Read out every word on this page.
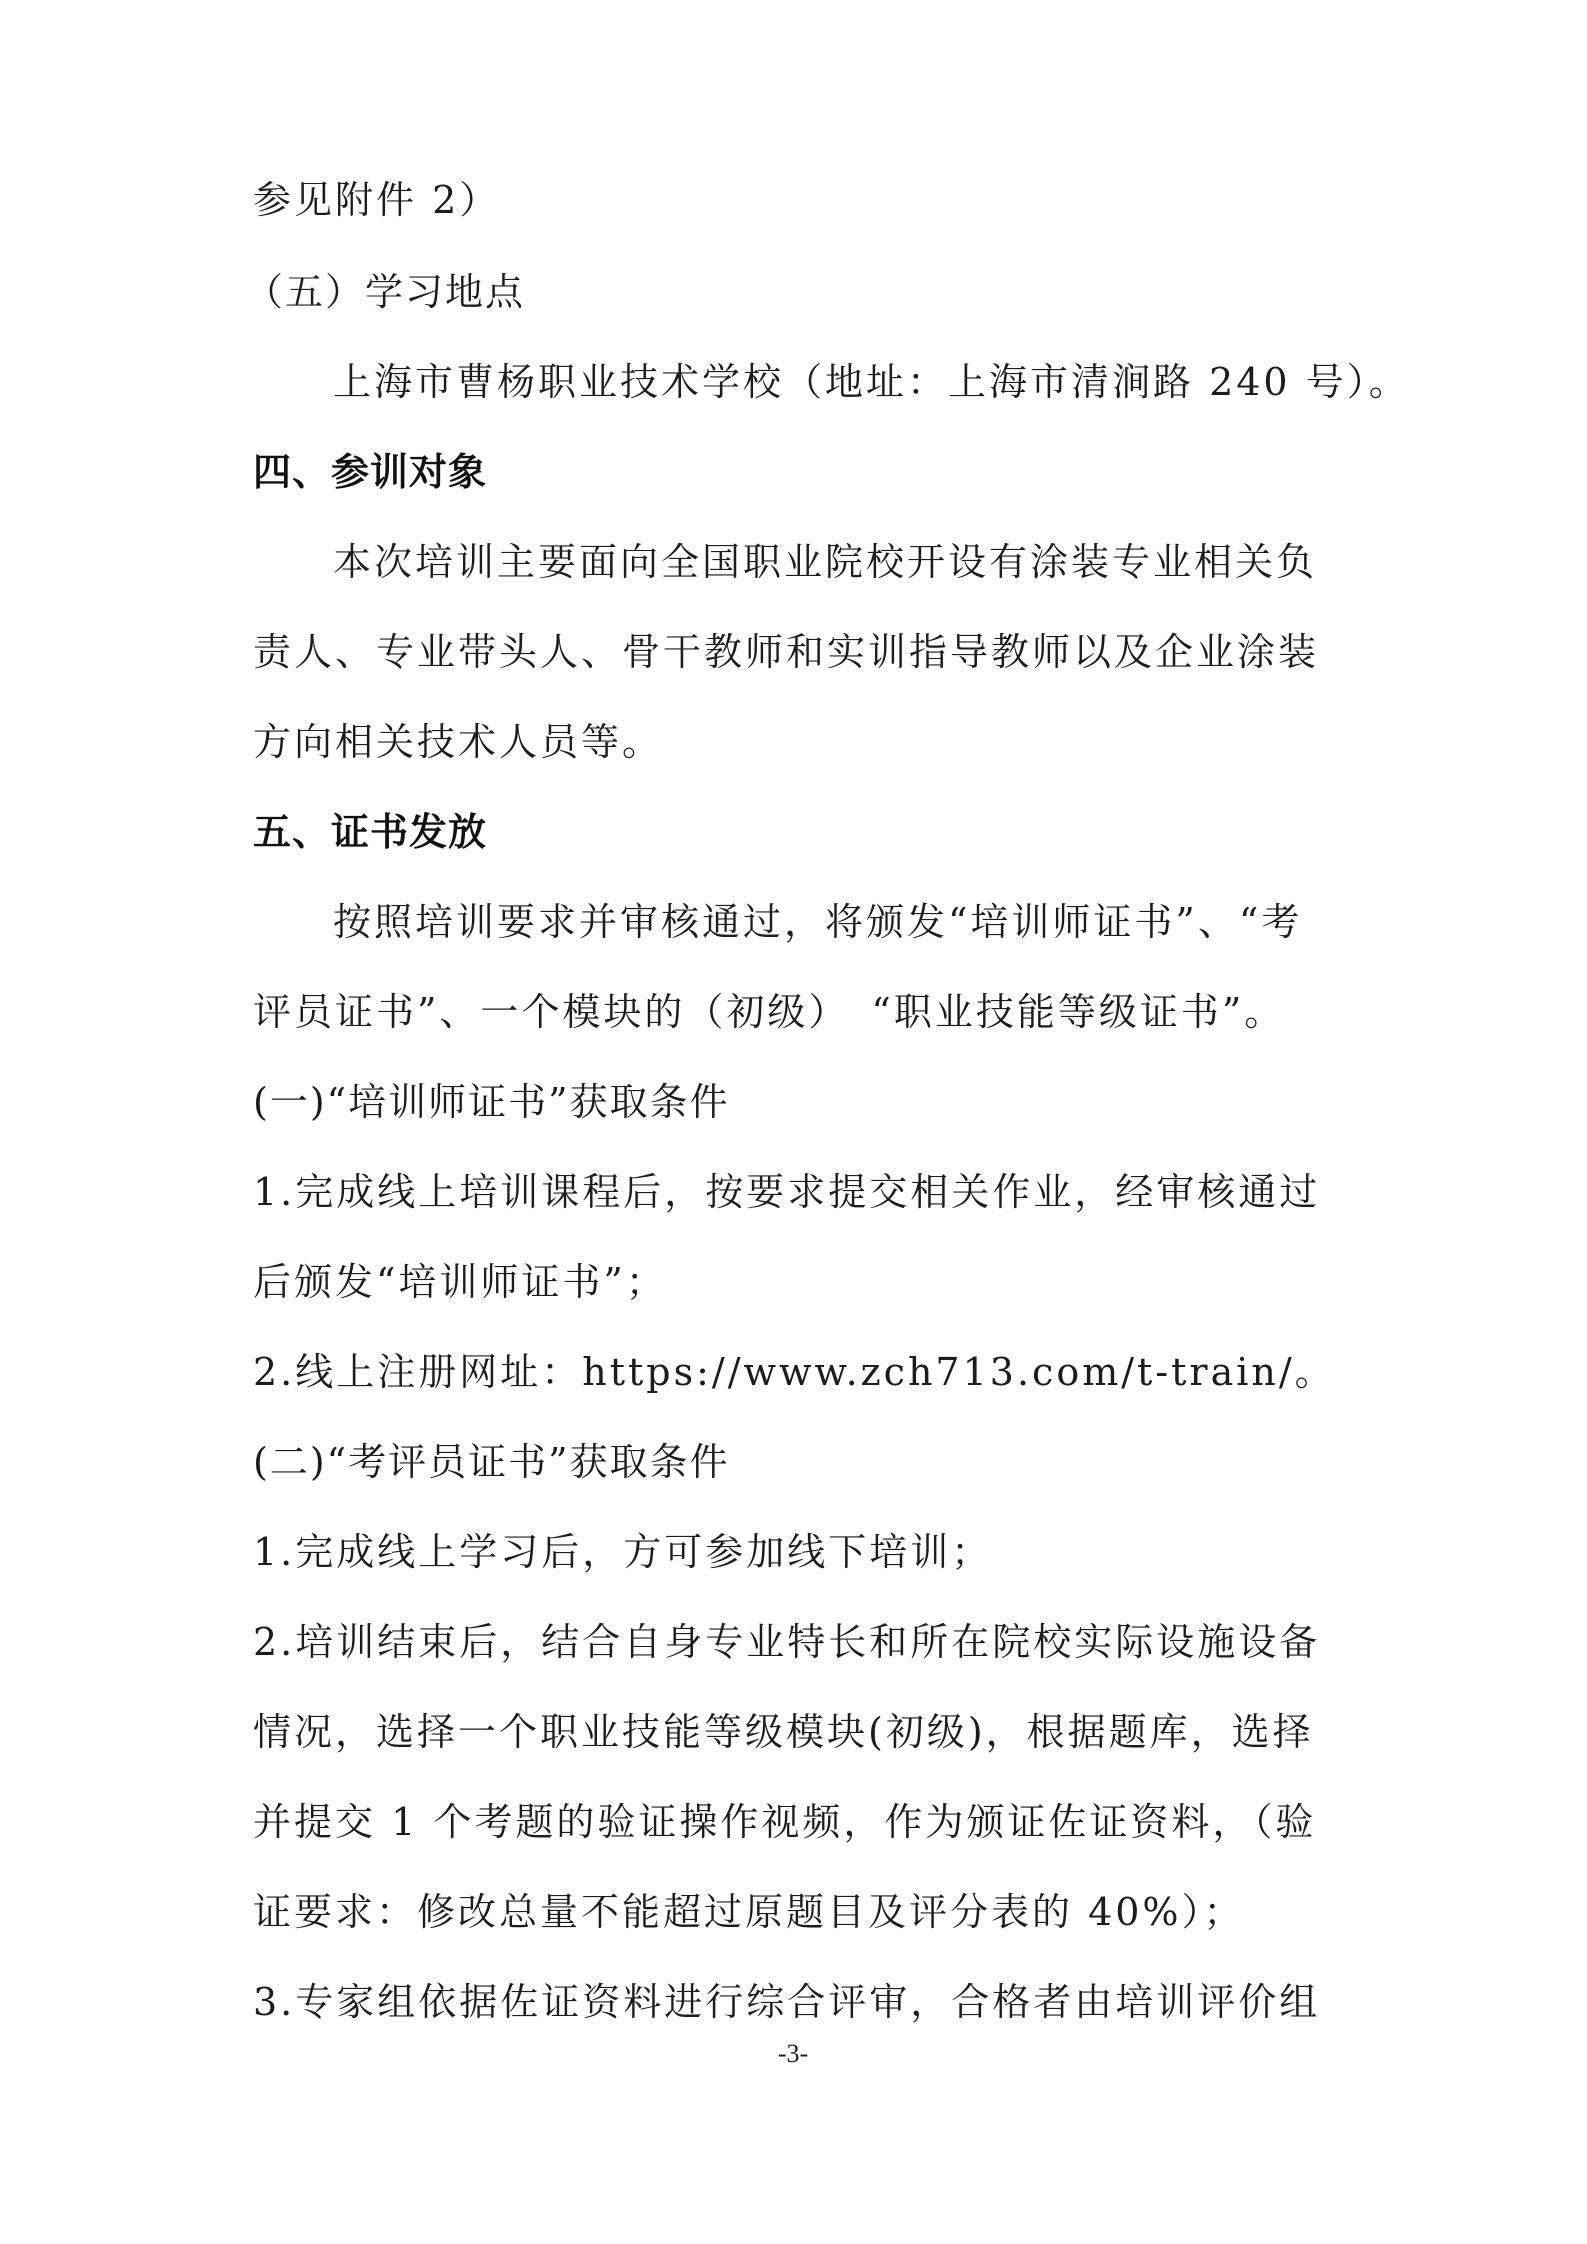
参见附件 2）
（五）学习地点
上海市曹杨职业技术学校（地址：上海市清涧路 240 号）。
四、参训对象
本次培训主要面向全国职业院校开设有涂装专业相关负
责人、专业带头人、骨干教师和实训指导教师以及企业涂装
方向相关技术人员等。
五、证书发放
按照培训要求并审核通过，将颁发“培训师证书”、“考
评员证书”、一个模块的（初级）　“职业技能等级证书”。
(一)“培训师证书”获取条件
1.完成线上培训课程后，按要求提交相关作业，经审核通过
后颁发“培训师证书”；
2.线上注册网址：https://www.zch713.com/t-train/。
(二)“考评员证书”获取条件
1.完成线上学习后，方可参加线下培训；
2.培训结束后，结合自身专业特长和所在院校实际设施设备
情况，选择一个职业技能等级模块(初级)，根据题库，选择
并提交 1 个考题的验证操作视频，作为颁证佐证资料，（验
证要求：修改总量不能超过原题目及评分表的 40%）；
3.专家组依据佐证资料进行综合评审，合格者由培训评价组
-3-
